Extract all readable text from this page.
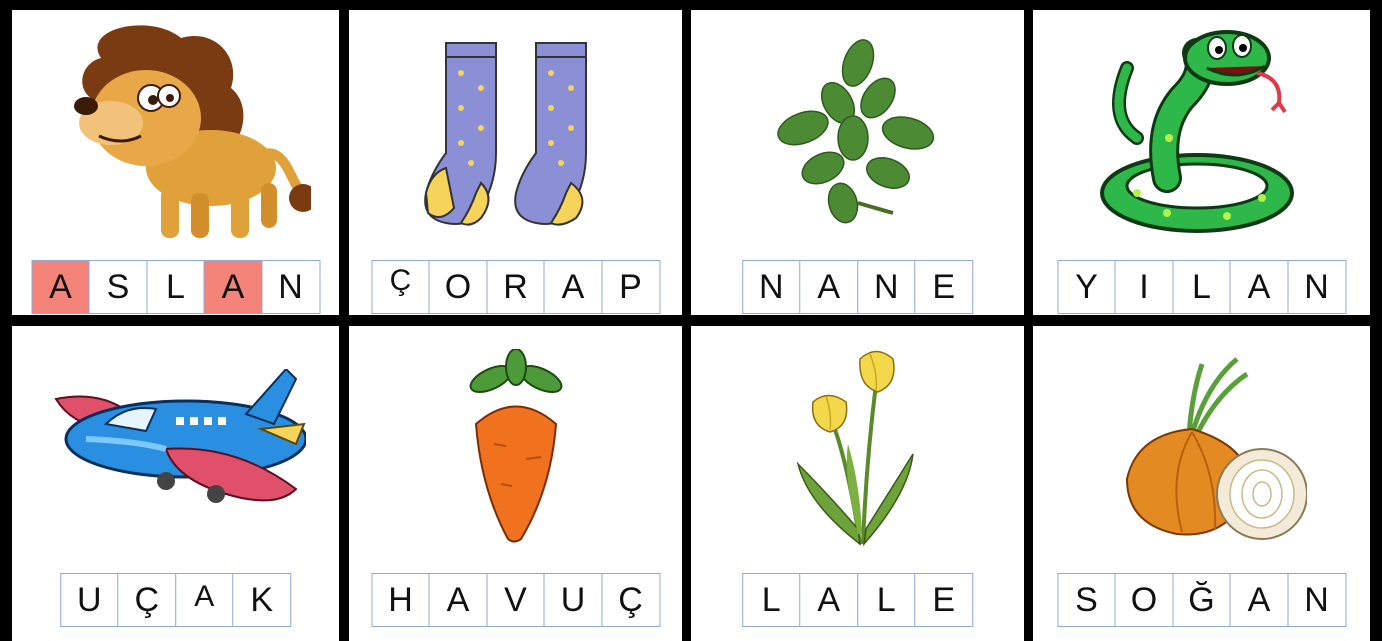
A	S	L	A N	Ç O R A	P	N A N E	Y	I	L	A N
U Ç	A	K	H A	V U Ç	L	A	L	E	S O Ğ A N
